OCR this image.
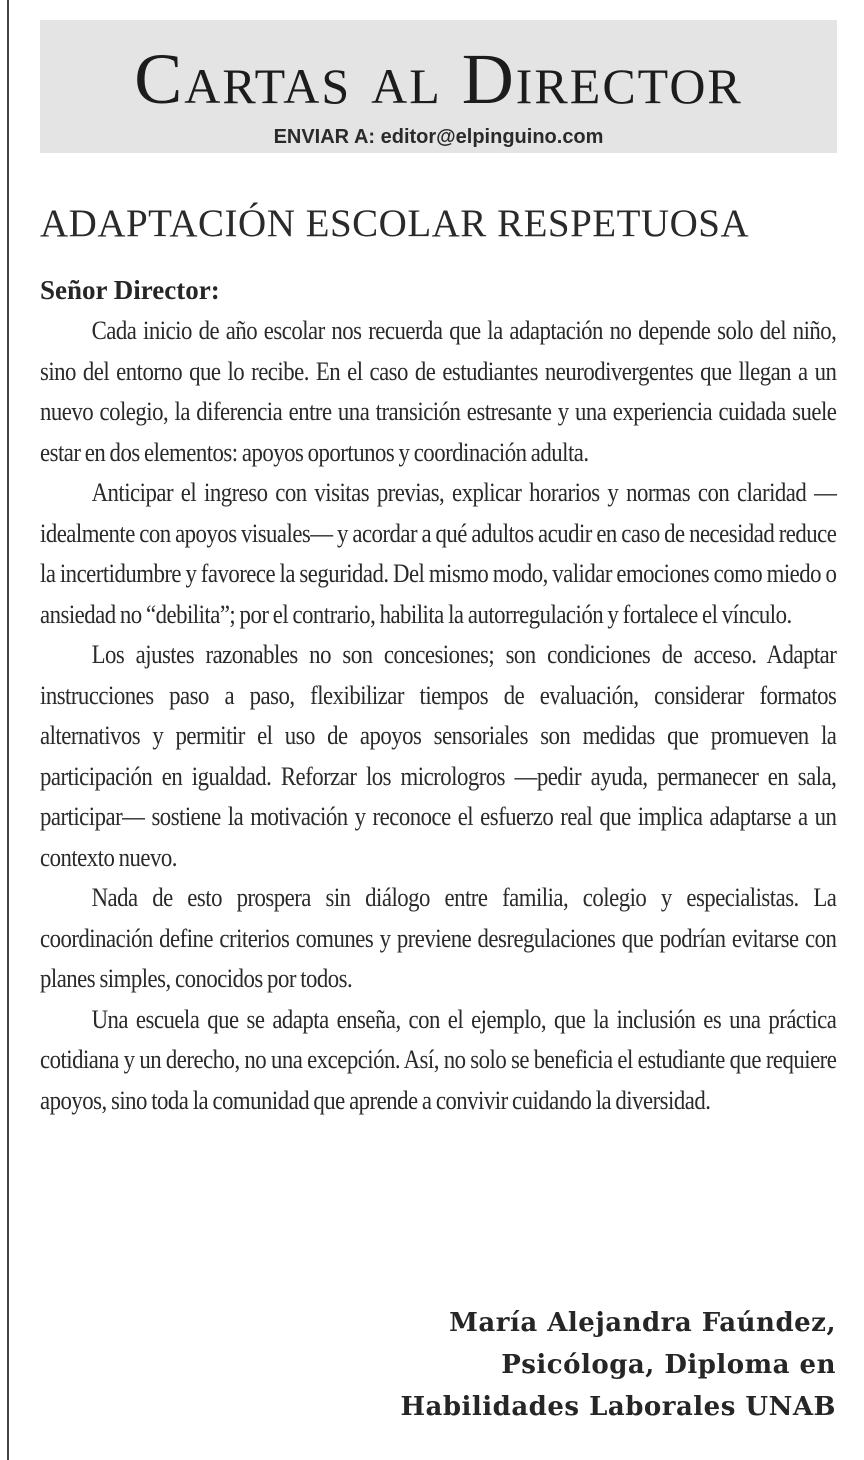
Cartas al Director
ENVIAR A: editor@elpinguino.com
ADAPTACIÓN ESCOLAR RESPETUOSA

Señor Director:

Cada inicio de año escolar nos recuerda que la adaptación no depende solo del niño, sino del entorno que lo recibe. En el caso de estudiantes neurodivergentes que llegan a un nuevo colegio, la diferencia entre una transición estresante y una experiencia cuidada suele estar en dos elementos: apoyos oportunos y coordinación adulta.

Anticipar el ingreso con visitas previas, explicar horarios y normas con claridad —idealmente con apoyos visuales— y acordar a qué adultos acudir en caso de necesidad reduce la incertidumbre y favorece la seguridad. Del mismo modo, validar emociones como miedo o ansiedad no “debilita”; por el contrario, habilita la autorregulación y fortalece el vínculo.

Los ajustes razonables no son concesiones; son condiciones de acceso. Adaptar instrucciones paso a paso, flexibilizar tiempos de evaluación, considerar formatos alternativos y permitir el uso de apoyos sensoriales son medidas que promueven la participación en igualdad. Reforzar los micrologros —pedir ayuda, permanecer en sala, participar— sostiene la motivación y reconoce el esfuerzo real que implica adaptarse a un contexto nuevo.

Nada de esto prospera sin diálogo entre familia, colegio y especialistas. La coordinación define criterios comunes y previene desregulaciones que podrían evitarse con planes simples, conocidos por todos.

Una escuela que se adapta enseña, con el ejemplo, que la inclusión es una práctica cotidiana y un derecho, no una excepción. Así, no solo se beneficia el estudiante que requiere apoyos, sino toda la comunidad que aprende a convivir cuidando la diversidad.

María Alejandra Faúndez,
Psicóloga, Diploma en
Habilidades Laborales UNAB
